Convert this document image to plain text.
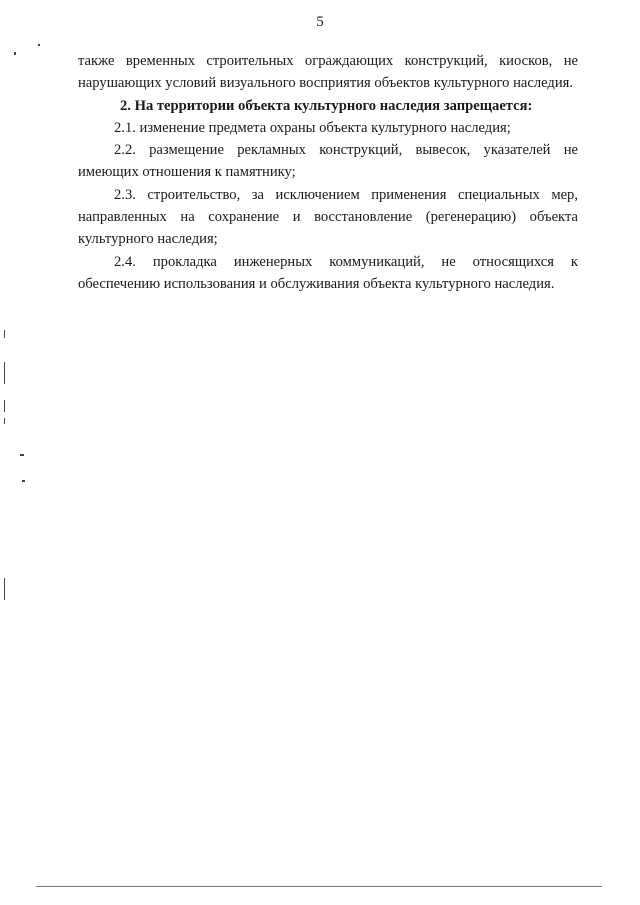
5

также временных строительных ограждающих конструкций, киосков, не нарушающих условий визуального восприятия объектов культурного наследия.

2. На территории объекта культурного наследия запрещается:

2.1. изменение предмета охраны объекта культурного наследия;

2.2. размещение рекламных конструкций, вывесок, указателей не имеющих отношения к памятнику;

2.3. строительство, за исключением применения специальных мер, направленных на сохранение и восстановление (регенерацию) объекта культурного наследия;

2.4. прокладка инженерных коммуникаций, не относящихся к обеспечению использования и обслуживания объекта культурного наследия.
